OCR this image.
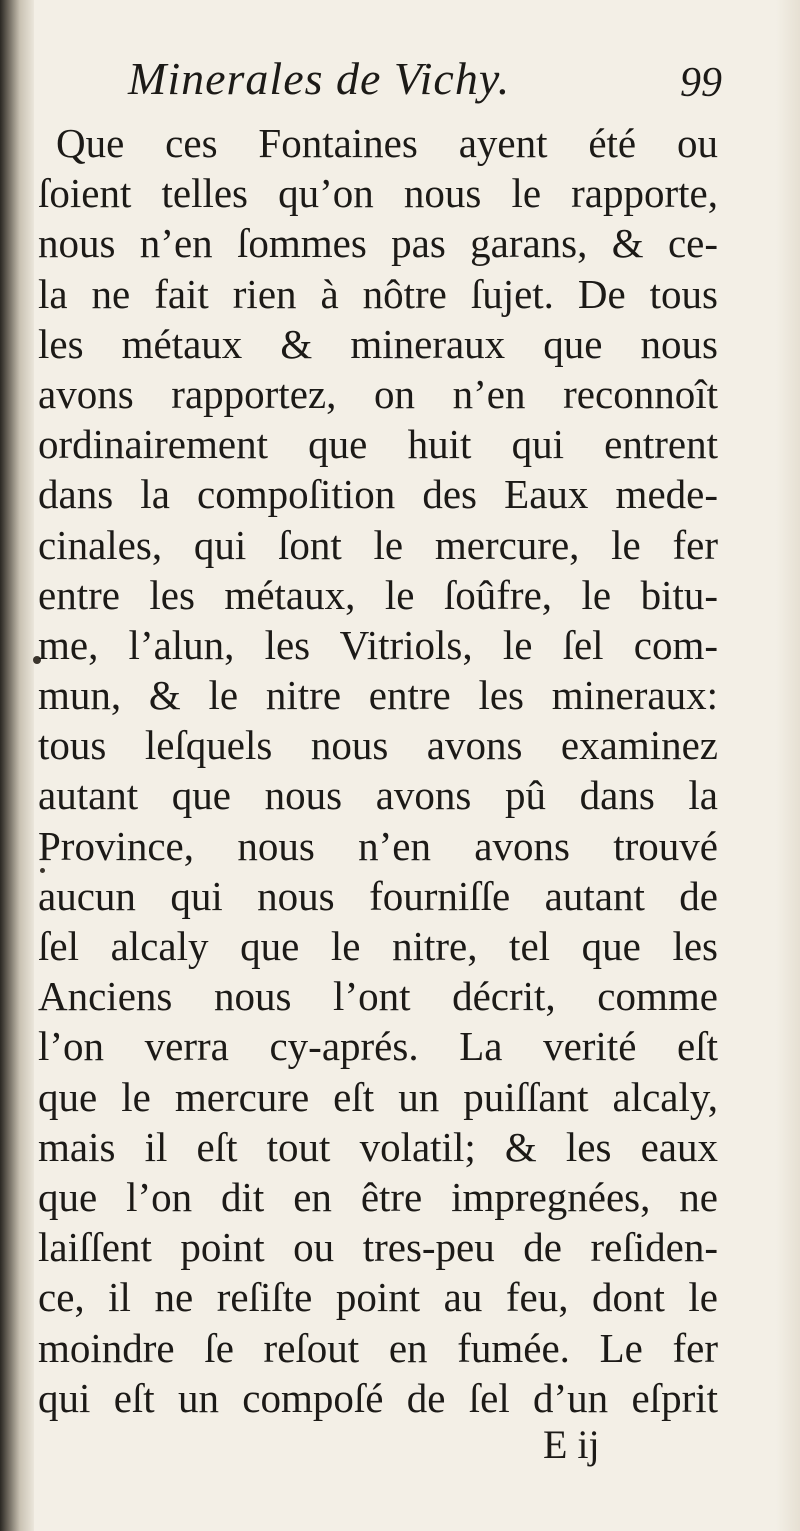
Minerales de Vichy.	99
Que ces Fontaines ayent été ou
ſoient telles qu’on nous le rapporte,
nous n’en ſommes pas garans, & ce-
la ne fait rien à nôtre ſujet. De tous
les métaux & mineraux que nous
avons rapportez, on n’en reconnoît
ordinairement que huit qui entrent
dans la compoſition des Eaux mede-
cinales, qui ſont le mercure, le fer
entre les métaux, le ſoûfre, le bitu-
me, l’alun, les Vitriols, le ſel com-
mun, & le nitre entre les mineraux:
tous leſquels nous avons examinez
autant que nous avons pû dans la
Province, nous n’en avons trouvé
aucun qui nous fourniſſe autant de
ſel alcaly que le nitre, tel que les
Anciens nous l’ont décrit, comme
l’on verra cy-aprés. La verité eſt
que le mercure eſt un puiſſant alcaly,
mais il eſt tout volatil; & les eaux
que l’on dit en être impregnées, ne
laiſſent point ou tres-peu de reſiden-
ce, il ne reſiſte point au feu, dont le
moindre ſe reſout en fumée. Le fer
qui eſt un compoſé de ſel d’un eſprit
E ij
